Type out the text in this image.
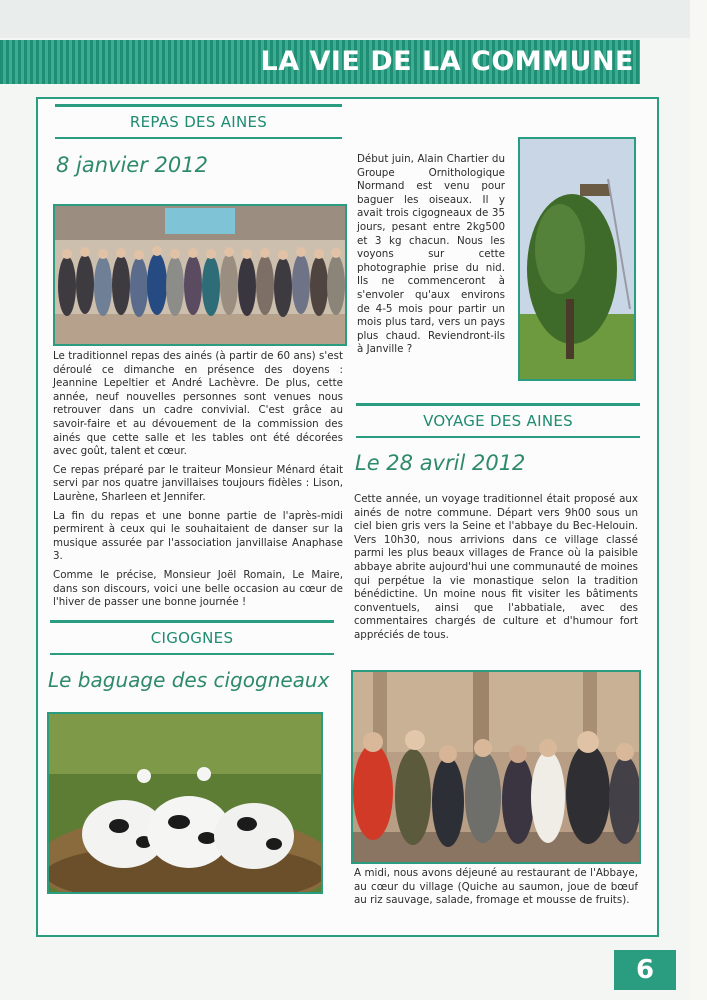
LA VIE DE LA COMMUNE
REPAS DES AINES
8 janvier 2012

Le traditionnel repas des ainés (à partir de 60 ans) s'est déroulé ce dimanche en présence des doyens : Jeannine Lepeltier et André Lachèvre. De plus, cette année, neuf nouvelles personnes sont venues nous retrouver dans un cadre convivial. C'est grâce au savoir-faire et au dévouement de la commission des ainés que cette salle et les tables ont été décorées avec goût, talent et cœur.

Ce repas préparé par le traiteur Monsieur Ménard était servi par nos quatre janvillaises toujours fidèles : Lison, Laurène, Sharleen et Jennifer.

La fin du repas et une bonne partie de l'après-midi permirent à ceux qui le souhaitaient de danser sur la musique assurée par l'association janvillaise Anaphase 3.

Comme le précise, Monsieur Joël Romain, Le Maire, dans son discours, voici une belle occasion au cœur de l'hiver de passer une bonne journée !

CIGOGNES
Le baguage des cigogneaux

Début juin, Alain Chartier du Groupe Ornithologique Normand est venu pour baguer les oiseaux. Il y avait trois cigogneaux de 35 jours, pesant entre 2kg500 et 3 kg chacun. Nous les voyons sur cette photographie prise du nid. Ils ne commenceront à s'envoler qu'aux environs de 4-5 mois pour partir un mois plus tard, vers un pays plus chaud. Reviendront-ils à Janville ?

VOYAGE DES AINES
Le 28 avril 2012

Cette année, un voyage traditionnel était proposé aux ainés de notre commune. Départ vers 9h00 sous un ciel bien gris vers la Seine et l'abbaye du Bec-Helouin. Vers 10h30, nous arrivions dans ce village classé parmi les plus beaux villages de France où la paisible abbaye abrite aujourd'hui une communauté de moines qui perpétue la vie monastique selon la tradition bénédictine. Un moine nous fit visiter les bâtiments conventuels, ainsi que l'abbatiale, avec des commentaires chargés de culture et d'humour fort appréciés de tous.

A midi, nous avons déjeuné au restaurant de l'Abbaye, au cœur du village (Quiche au saumon, joue de bœuf au riz sauvage, salade, fromage et mousse de fruits).

6
